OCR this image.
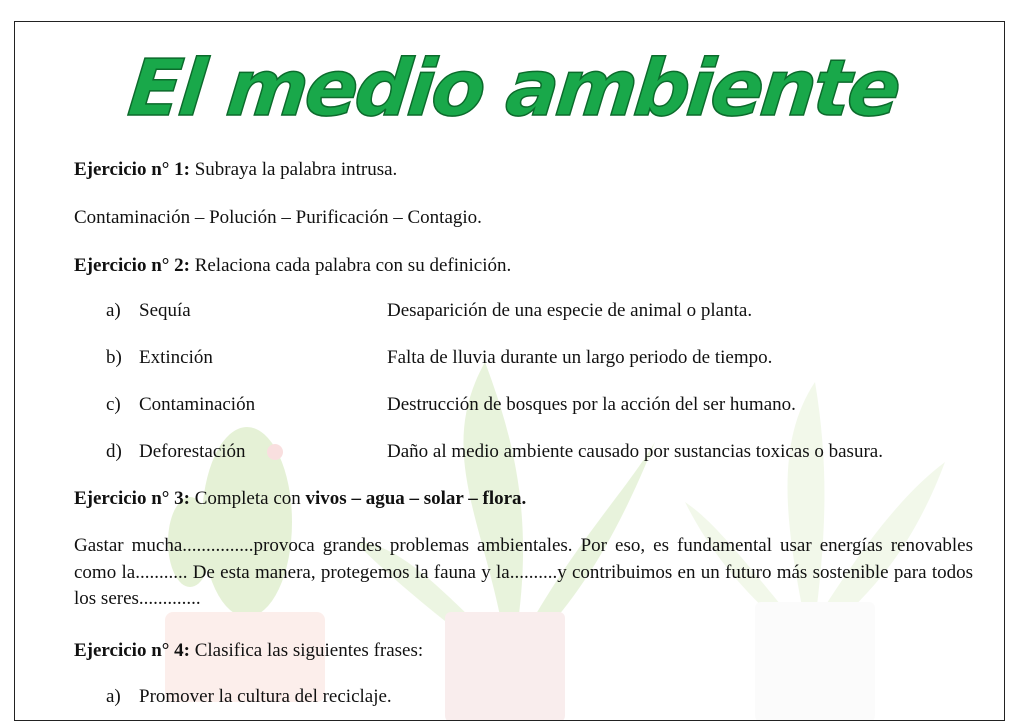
El medio ambiente
Ejercicio n° 1: Subraya la palabra intrusa.
Contaminación – Polución – Purificación – Contagio.
Ejercicio n° 2: Relaciona cada palabra con su definición.
a) Sequía	Desaparición de una especie de animal o planta.
b) Extinción	Falta de lluvia durante un largo periodo de tiempo.
c) Contaminación	Destrucción de bosques por la acción del ser humano.
d) Deforestación	Daño al medio ambiente causado por sustancias toxicas o basura.
Ejercicio n° 3: Completa con vivos – agua – solar – flora.
Gastar mucha...............provoca grandes problemas ambientales. Por eso, es fundamental usar energías renovables como la........... De esta manera, protegemos la fauna y la..........y contribuimos en un futuro más sostenible para todos los seres.............
Ejercicio n° 4: Clasifica las siguientes frases:
a) Promover la cultura del reciclaje.
